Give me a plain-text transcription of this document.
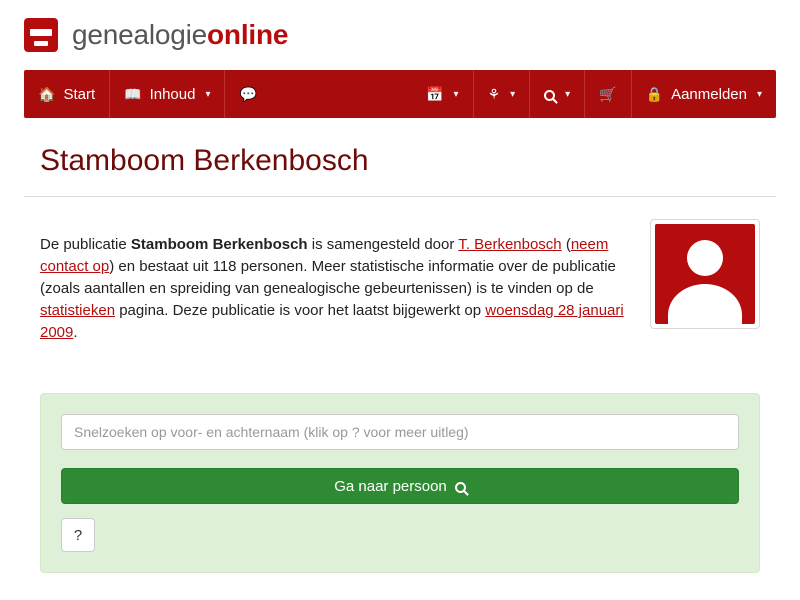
genealogieonline
🏠 Start 📖 Inhoud ▾ 💬	📅 ▾ ⚘ ▾	▾ 🛒 🔒 Aanmelden ▾
Stamboom Berkenbosch

De publicatie Stamboom Berkenbosch is samengesteld door T. Berkenbosch (neem contact op) en bestaat uit 118 personen. Meer statistische informatie over de publicatie (zoals aantallen en spreiding van genealogische gebeurtenissen) is te vinden op de statistieken pagina. Deze publicatie is voor het laatst bijgewerkt op woensdag 28 januari 2009.

Snelzoeken op voor- en achternaam (klik op ? voor meer uitleg)
Ga naar persoon
?
